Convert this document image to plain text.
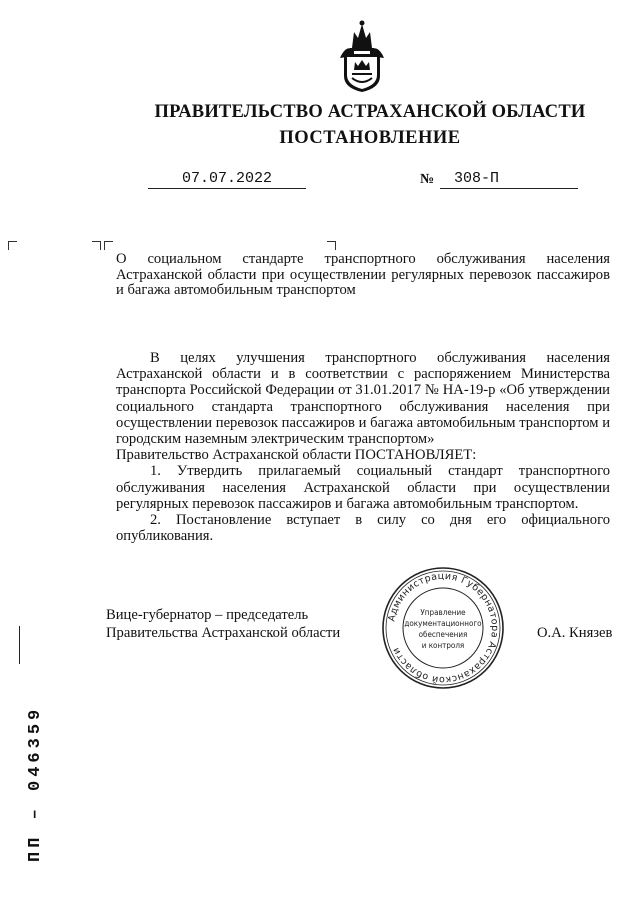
ПРАВИТЕЛЬСТВО АСТРАХАНСКОЙ ОБЛАСТИ
ПОСТАНОВЛЕНИЕ
07.07.2022	№	308-П
О социальном стандарте транспортного обслуживания населения Астраханской области при осуществлении регулярных перевозок пассажиров и багажа автомобильным транспортом

В целях улучшения транспортного обслуживания населения Астраханской области и в соответствии с распоряжением Министерства транспорта Российской Федерации от 31.01.2017 № НА-19-р «Об утверждении социального стандарта транспортного обслуживания населения при осуществлении перевозок пассажиров и багажа автомобильным транспортом и городским наземным электрическим транспортом»

Правительство Астраханской области ПОСТАНОВЛЯЕТ:

1. Утвердить прилагаемый социальный стандарт транспортного обслуживания населения Астраханской области при осуществлении регулярных перевозок пассажиров и багажа автомобильным транспортом.

2. Постановление вступает в силу со дня его официального опубликования.

Вице-губернатор – председатель
Правительства Астраханской области	О.А. Князев
Администрация Губернатора Астраханской области
Управление
документационного
обеспечения
и контроля
ПП – 046359
